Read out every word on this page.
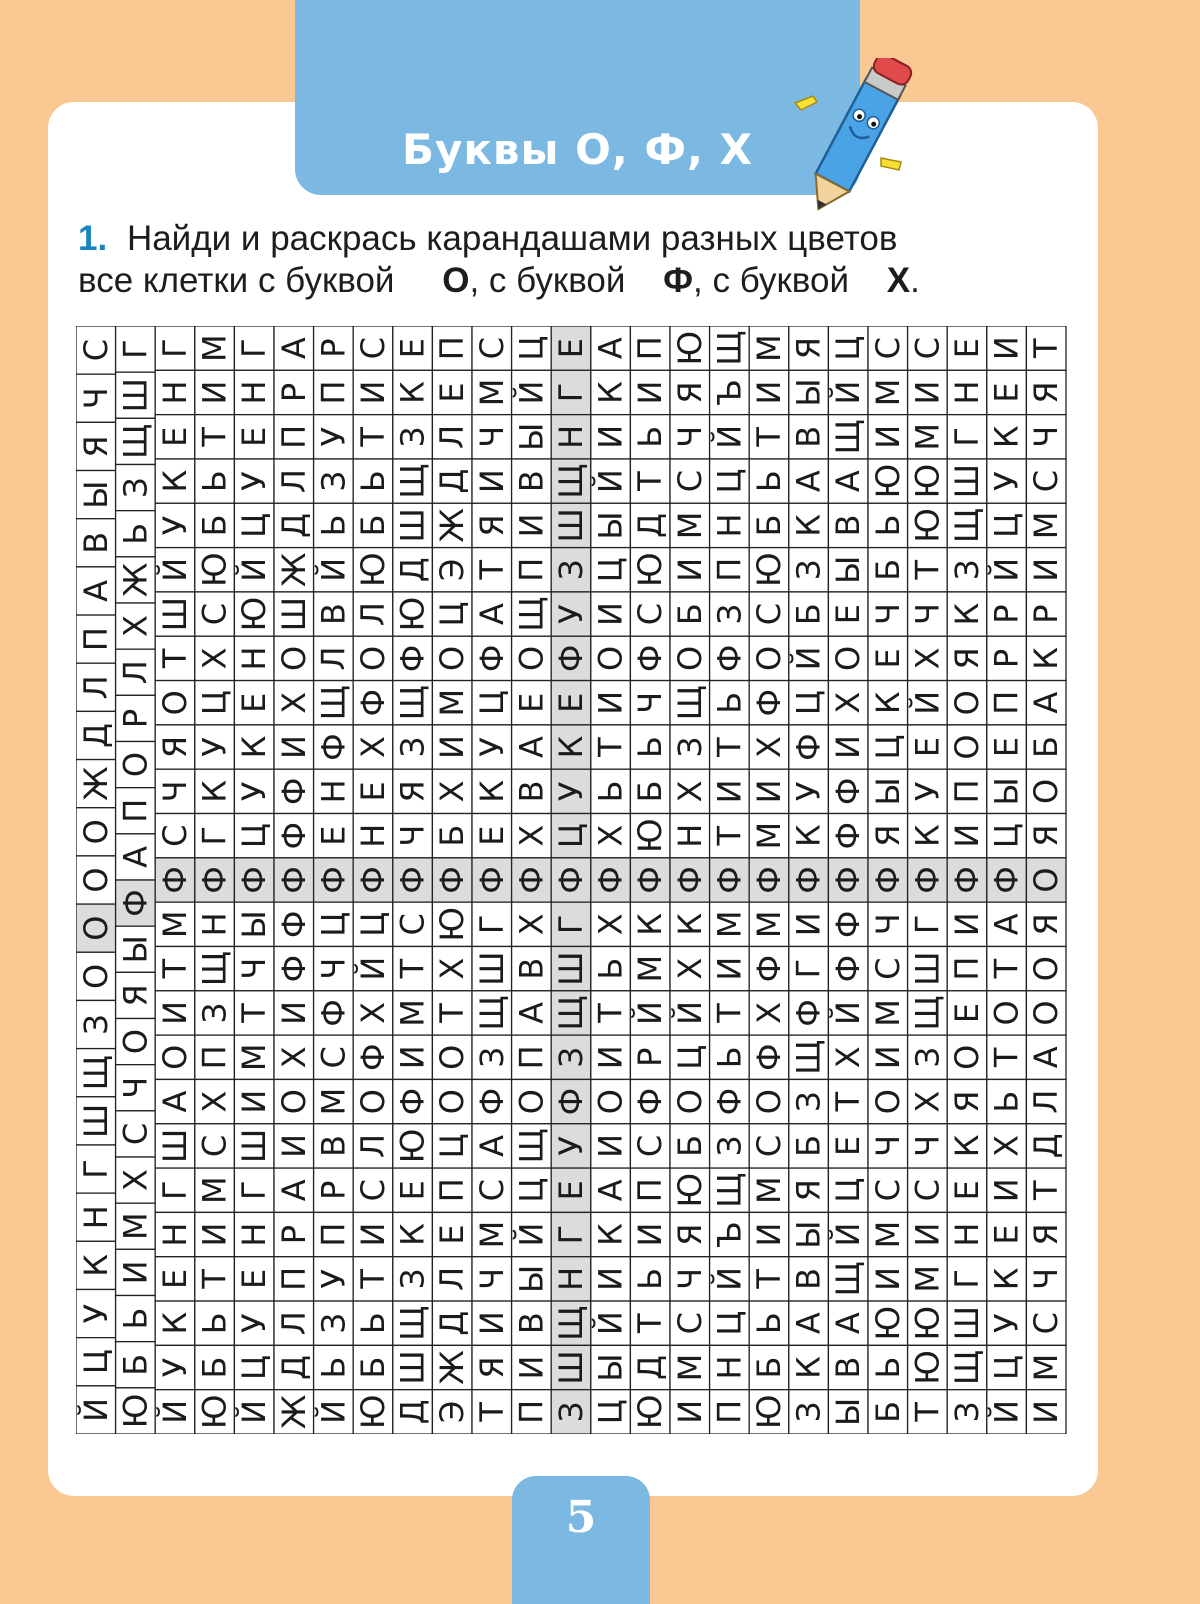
Буквы О, Ф, Х
1. Найди и раскрась карандашами разных цветов
все клетки с буквой О, с буквой Ф, с буквой Х.
С
Ч
Я
Ы
В
А
П
Л
Д
Ж
О
О
О
О
З
Щ
Ш
Г
Н
К
У
Ц
Й
Г
Ш
Щ
З
Ь
Ж
Х
Л
Р
О
П
А
Ф
Ы
Я
О
Ч
С
Х
М
И
Ь
Б
Ю
Г
Н
Е
К
У
Й
Ш
Т
О
Я
Ч
С
Ф
М
Т
И
О
А
Ш
Г
Н
Е
К
У
Й
М
И
Т
Ь
Б
Ю
С
Х
Ц
У
К
Г
Ф
Н
Щ
З
П
Х
С
М
И
Т
Ь
Б
Ю
Г
Н
Е
У
Ц
Й
Ю
Н
Е
К
У
Ц
Ф
Ы
Ч
Т
М
И
Ш
Г
Н
Е
У
Ц
Й
А
Р
П
Л
Д
Ж
Ш
О
Х
И
Ф
Ф
Ф
Ф
Ф
И
Х
О
И
А
Р
П
Л
Д
Ж
Р
П
У
З
Ь
Й
В
Л
Щ
Ф
Н
Е
Ф
Ц
Ч
Ф
С
М
В
Р
П
У
З
Ь
Й
С
И
Т
Ь
Б
Ю
Л
О
Ф
Х
Е
Н
Ф
Ц
Й
Х
Ф
О
Л
С
И
Т
Ь
Б
Ю
Е
К
З
Щ
Ш
Д
Ю
Ф
Щ
З
Я
Ч
Ф
С
Т
М
И
Ф
Ю
Е
К
З
Щ
Ш
Д
П
Е
Л
Д
Ж
Э
Ц
О
М
И
Х
Б
Ф
Ю
Х
Т
О
О
Ц
П
Е
Л
Д
Ж
Э
С
М
Ч
И
Я
Т
А
Ф
Ц
У
К
Е
Ф
Г
Ш
Щ
З
Ф
А
С
М
Ч
И
Я
Т
Ц
Й
Ы
В
И
П
Щ
О
Е
А
В
Х
Ф
Х
В
А
П
О
Щ
Ц
Й
Ы
В
И
П
Е
Г
Н
Щ
Ш
З
У
Ф
Е
К
У
Ц
Ф
Г
Ш
Щ
З
Ф
У
Е
Г
Н
Щ
Ш
З
А
К
И
Й
Ы
Ц
И
О
И
Т
Ь
Х
Ф
Х
Ь
Т
И
О
И
А
К
И
Й
Ы
Ц
П
И
Ь
Т
Д
Ю
С
Ф
Ч
Ь
Б
Ю
Ф
К
М
Й
Р
Ф
С
П
И
Ь
Т
Д
Ю
Ю
Я
Ч
С
М
И
Б
О
Щ
З
Х
Н
Ф
К
Х
Й
Ц
О
Б
Ю
Я
Ч
С
М
И
Щ
Ъ
Й
Ц
Н
П
З
Ф
Ь
Т
И
Т
Ф
М
И
Т
Ь
Ф
З
Щ
Ъ
Й
Ц
Н
П
М
И
Т
Ь
Б
Ю
С
О
Ф
Х
И
М
Ф
М
Ф
Х
Ф
О
С
М
И
Т
Ь
Б
Ю
Я
Ы
В
А
К
З
Б
Й
Ц
Ф
У
К
Ф
И
Г
Ф
Щ
З
Б
Я
Ы
В
А
К
З
Ц
Й
Щ
А
В
Ы
Е
О
Х
И
Ф
Ф
Ф
Ф
Ф
Й
Х
Т
Е
Ц
Й
Щ
А
В
Ы
С
М
И
Ю
Ь
Б
Ч
Е
К
Ц
Ы
Я
Ф
Ч
С
М
И
О
Ч
С
М
И
Ю
Ь
Б
С
И
М
Ю
Ю
Т
Ч
Х
Й
Е
У
К
Ф
Г
Ш
Щ
З
Х
Ч
С
И
М
Ю
Ю
Т
Е
Н
Г
Ш
Щ
З
К
Я
О
О
П
И
Ф
И
П
Е
О
Я
К
Е
Н
Г
Ш
Щ
З
И
Е
К
У
Ц
Й
Р
Р
П
Е
Ы
Ц
Ф
А
Т
О
Т
Ь
Х
И
Е
К
У
Ц
Й
Т
Я
Ч
С
М
И
Р
К
А
Б
О
Я
О
Я
О
О
А
Л
Д
Т
Я
Ч
С
М
И
5
